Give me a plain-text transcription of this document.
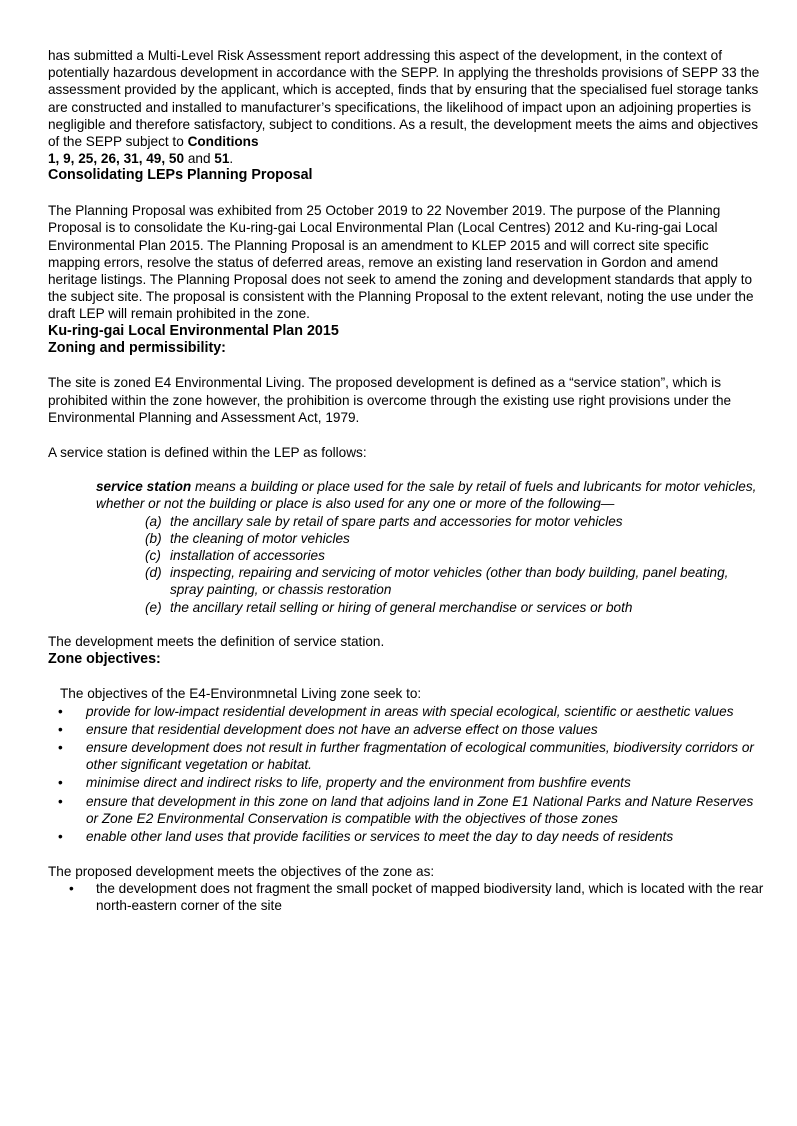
has submitted a Multi-Level Risk Assessment report addressing this aspect of the development, in the context of potentially hazardous development in accordance with the SEPP. In applying the thresholds provisions of SEPP 33 the assessment provided by the applicant, which is accepted, finds that by ensuring that the specialised fuel storage tanks are constructed and installed to manufacturer’s specifications, the likelihood of impact upon an adjoining properties is negligible and therefore satisfactory, subject to conditions. As a result, the development meets the aims and objectives of the SEPP subject to Conditions
1, 9, 25, 26, 31, 49, 50 and 51.

Consolidating LEPs Planning Proposal

The Planning Proposal was exhibited from 25 October 2019 to 22 November 2019. The purpose of the Planning Proposal is to consolidate the Ku-ring-gai Local Environmental Plan (Local Centres) 2012 and Ku-ring-gai Local Environmental Plan 2015. The Planning Proposal is an amendment to KLEP 2015 and will correct site specific mapping errors, resolve the status of deferred areas, remove an existing land reservation in Gordon and amend heritage listings. The Planning Proposal does not seek to amend the zoning and development standards that apply to the subject site. The proposal is consistent with the Planning Proposal to the extent relevant, noting the use under the draft LEP will remain prohibited in the zone.

Ku-ring-gai Local Environmental Plan 2015

Zoning and permissibility:

The site is zoned E4 Environmental Living. The proposed development is defined as a “service station”, which is prohibited within the zone however, the prohibition is overcome through the existing use right provisions under the Environmental Planning and Assessment Act, 1979.

A service station is defined within the LEP as follows:

service station means a building or place used for the sale by retail of fuels and lubricants for motor vehicles, whether or not the building or place is also used for any one or more of the following—

(a) the ancillary sale by retail of spare parts and accessories for motor vehicles
(b) the cleaning of motor vehicles
(c) installation of accessories
(d) inspecting, repairing and servicing of motor vehicles (other than body building, panel beating, spray painting, or chassis restoration
(e) the ancillary retail selling or hiring of general merchandise or services or both

The development meets the definition of service station.

Zone objectives:

The objectives of the E4-Environmnetal Living zone seek to:

• provide for low-impact residential development in areas with special ecological, scientific or aesthetic values
• ensure that residential development does not have an adverse effect on those values
• ensure development does not result in further fragmentation of ecological communities, biodiversity corridors or other significant vegetation or habitat.
• minimise direct and indirect risks to life, property and the environment from bushfire events
• ensure that development in this zone on land that adjoins land in Zone E1 National Parks and Nature Reserves or Zone E2 Environmental Conservation is compatible with the objectives of those zones
• enable other land uses that provide facilities or services to meet the day to day needs of residents

The proposed development meets the objectives of the zone as:

• the development does not fragment the small pocket of mapped biodiversity land, which is located with the rear north-eastern corner of the site
